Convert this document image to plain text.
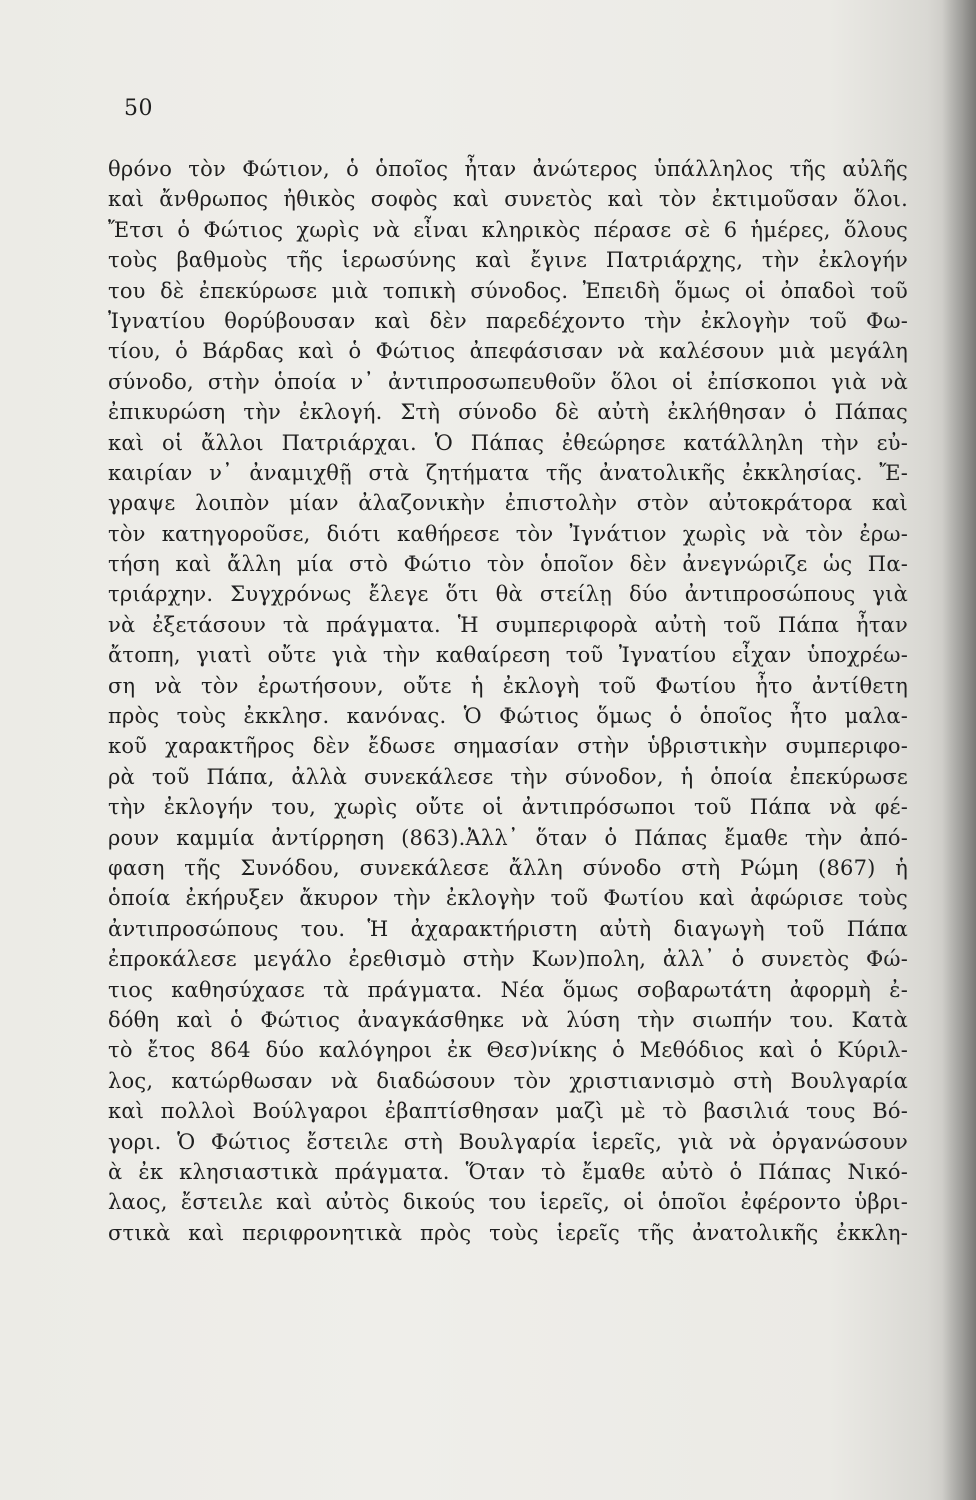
50
θρόνο τὸν Φώτιον, ὁ ὁποῖος ἦταν ἀνώτερος ὑπάλληλος τῆς αὐλῆς
καὶ ἄνθρωπος ἠθικὸς σοφὸς καὶ συνετὸς καὶ τὸν ἐκτιμοῦσαν ὅλοι.
Ἔτσι ὁ Φώτιος χωρὶς νὰ εἶναι κληρικὸς πέρασε σὲ 6 ἡμέρες, ὅλους
τοὺς βαθμοὺς τῆς ἱερωσύνης καὶ ἔγινε Πατριάρχης, τὴν ἐκλογήν
του δὲ ἐπεκύρωσε μιὰ τοπικὴ σύνοδος. Ἐπειδὴ ὅμως οἱ ὀπαδοὶ τοῦ
Ἰγνατίου θορύβουσαν καὶ δὲν παρεδέχοντο τὴν ἐκλογὴν τοῦ Φω-
τίου, ὁ Βάρδας καὶ ὁ Φώτιος ἀπεφάσισαν νὰ καλέσουν μιὰ μεγάλη
σύνοδο, στὴν ὁποία ν᾽ ἀντιπροσωπευθοῦν ὅλοι οἱ ἐπίσκοποι γιὰ νὰ
ἐπικυρώση τὴν ἐκλογή. Στὴ σύνοδο δὲ αὐτὴ ἐκλήθησαν ὁ Πάπας
καὶ οἱ ἄλλοι Πατριάρχαι. Ὁ Πάπας ἐθεώρησε κατάλληλη τὴν εὐ-
καιρίαν ν᾽ ἀναμιχθῇ στὰ ζητήματα τῆς ἀνατολικῆς ἐκκλησίας. Ἔ-
γραψε λοιπὸν μίαν ἀλαζονικὴν ἐπιστολὴν στὸν αὐτοκράτορα καὶ
τὸν κατηγοροῦσε, διότι καθήρεσε τὸν Ἰγνάτιον χωρὶς νὰ τὸν ἐρω-
τήση καὶ ἄλλη μία στὸ Φώτιο τὸν ὁποῖον δὲν ἀνεγνώριζε ὡς Πα-
τριάρχην. Συγχρόνως ἔλεγε ὅτι θὰ στείλῃ δύο ἀντιπροσώπους γιὰ
νὰ ἐξετάσουν τὰ πράγματα. Ἡ συμπεριφορὰ αὐτὴ τοῦ Πάπα ἦταν
ἄτοπη, γιατὶ οὔτε γιὰ τὴν καθαίρεση τοῦ Ἰγνατίου εἶχαν ὑποχρέω-
ση νὰ τὸν ἐρωτήσουν, οὔτε ἡ ἐκλογὴ τοῦ Φωτίου ἦτο ἀντίθετη
πρὸς τοὺς ἐκκλησ. κανόνας. Ὁ Φώτιος ὅμως ὁ ὁποῖος ἦτο μαλα-
κοῦ χαρακτῆρος δὲν ἔδωσε σημασίαν στὴν ὑβριστικὴν συμπεριφο-
ρὰ τοῦ Πάπα, ἀλλὰ συνεκάλεσε τὴν σύνοδον, ἡ ὁποία ἐπεκύρωσε
τὴν ἐκλογήν του, χωρὶς οὔτε οἱ ἀντιπρόσωποι τοῦ Πάπα νὰ φέ-
ρουν καμμία ἀντίρρηση (863).Ἀλλ᾽ ὅταν ὁ Πάπας ἔμαθε τὴν ἀπό-
φαση τῆς Συνόδου, συνεκάλεσε ἄλλη σύνοδο στὴ Ρώμη (867) ἡ
ὁποία ἐκήρυξεν ἄκυρον τὴν ἐκλογὴν τοῦ Φωτίου καὶ ἀφώρισε τοὺς
ἀντιπροσώπους του. Ἡ ἀχαρακτήριστη αὐτὴ διαγωγὴ τοῦ Πάπα
ἐπροκάλεσε μεγάλο ἐρεθισμὸ στὴν Κων)πολη, ἀλλ᾽ ὁ συνετὸς Φώ-
τιος καθησύχασε τὰ πράγματα. Νέα ὅμως σοβαρωτάτη ἀφορμὴ ἐ-
δόθη καὶ ὁ Φώτιος ἀναγκάσθηκε νὰ λύση τὴν σιωπήν του. Κατὰ
τὸ ἔτος 864 δύο καλόγηροι ἐκ Θεσ)νίκης ὁ Μεθόδιος καὶ ὁ Κύριλ-
λος, κατώρθωσαν νὰ διαδώσουν τὸν χριστιανισμὸ στὴ Βουλγαρία
καὶ πολλοὶ Βούλγαροι ἐβαπτίσθησαν μαζὶ μὲ τὸ βασιλιά τους Βό-
γορι. Ὁ Φώτιος ἔστειλε στὴ Βουλγαρία ἱερεῖς, γιὰ νὰ ὀργανώσουν
ὰ ἐκ κλησιαστικὰ πράγματα. Ὅταν τὸ ἔμαθε αὐτὸ ὁ Πάπας Νικό-
λαος, ἔστειλε καὶ αὐτὸς δικούς του ἱερεῖς, οἱ ὁποῖοι ἐφέροντο ὑβρι-
στικὰ καὶ περιφρονητικὰ πρὸς τοὺς ἱερεῖς τῆς ἀνατολικῆς ἐκκλη-
